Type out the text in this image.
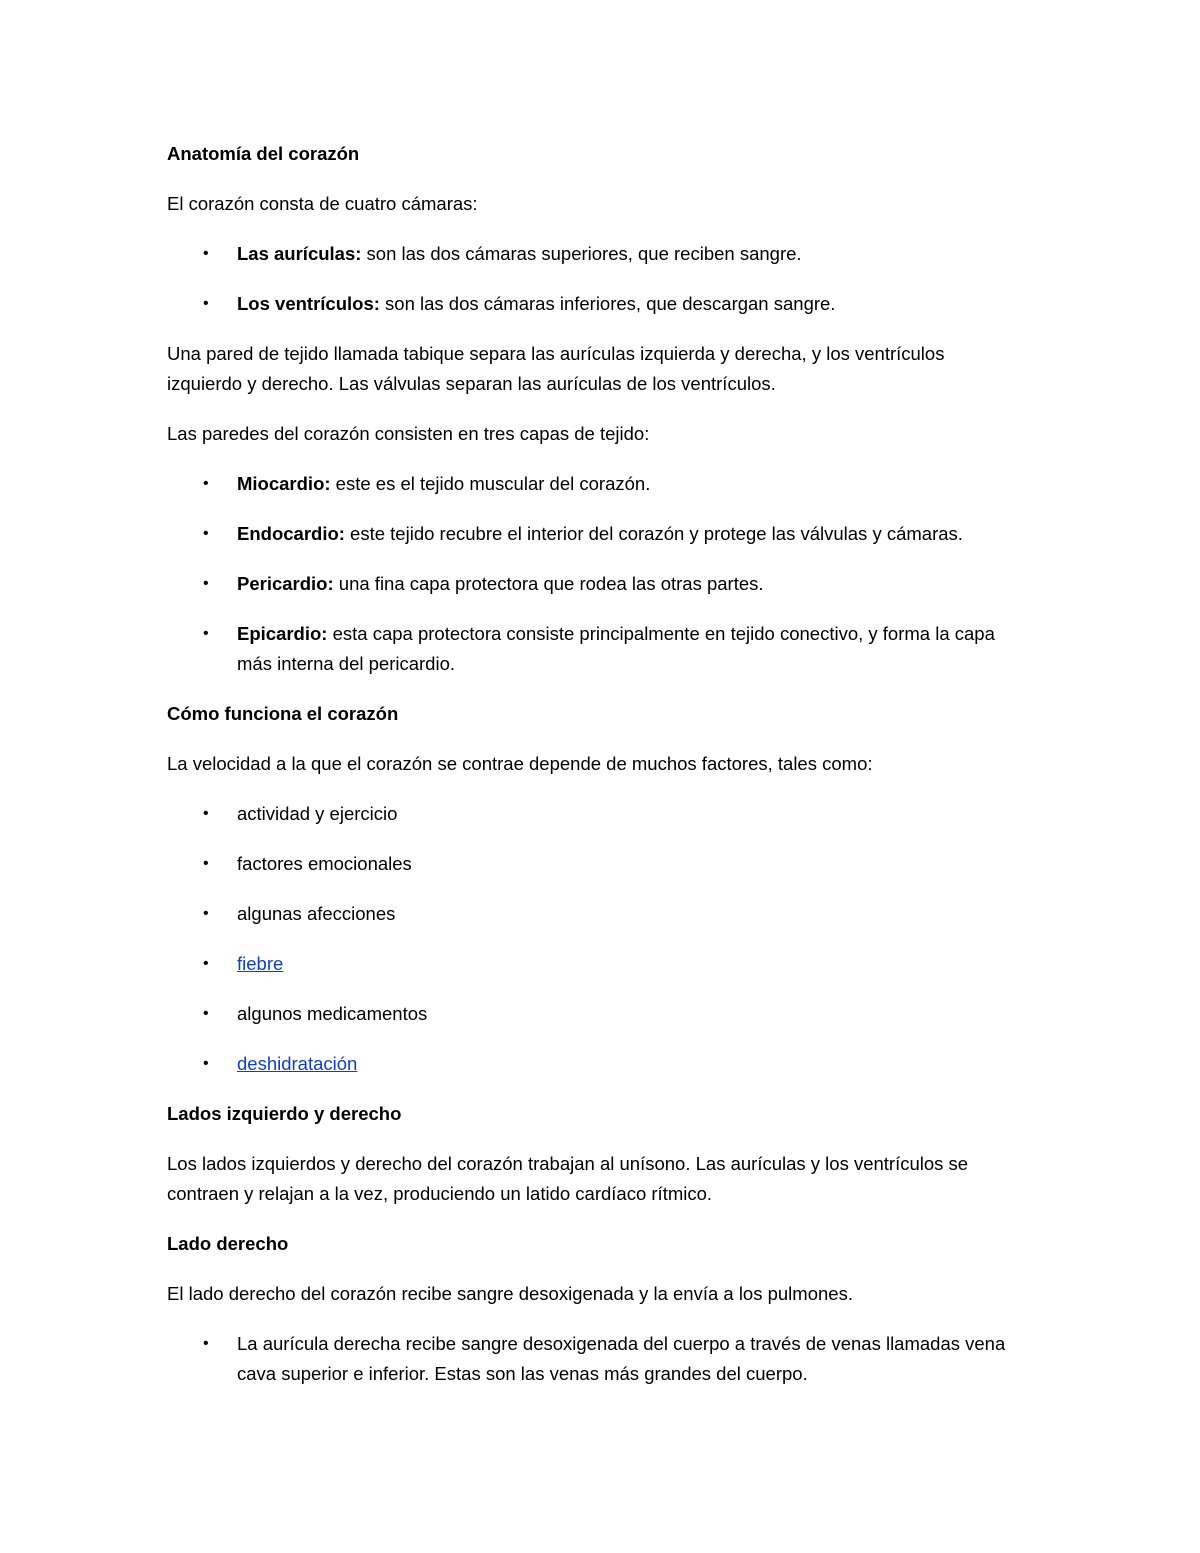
Anatomía del corazón

El corazón consta de cuatro cámaras:

• Las aurículas: son las dos cámaras superiores, que reciben sangre.
• Los ventrículos: son las dos cámaras inferiores, que descargan sangre.

Una pared de tejido llamada tabique separa las aurículas izquierda y derecha, y los ventrículos izquierdo y derecho. Las válvulas separan las aurículas de los ventrículos.

Las paredes del corazón consisten en tres capas de tejido:

• Miocardio: este es el tejido muscular del corazón.
• Endocardio: este tejido recubre el interior del corazón y protege las válvulas y cámaras.
• Pericardio: una fina capa protectora que rodea las otras partes.
• Epicardio: esta capa protectora consiste principalmente en tejido conectivo, y forma la capa más interna del pericardio.
Cómo funciona el corazón

La velocidad a la que el corazón se contrae depende de muchos factores, tales como:

• actividad y ejercicio
• factores emocionales
• algunas afecciones
• fiebre
• algunos medicamentos
• deshidratación
Lados izquierdo y derecho

Los lados izquierdos y derecho del corazón trabajan al unísono. Las aurículas y los ventrículos se contraen y relajan a la vez, produciendo un latido cardíaco rítmico.

Lado derecho

El lado derecho del corazón recibe sangre desoxigenada y la envía a los pulmones.

• La aurícula derecha recibe sangre desoxigenada del cuerpo a través de venas llamadas vena cava superior e inferior. Estas son las venas más grandes del cuerpo.
